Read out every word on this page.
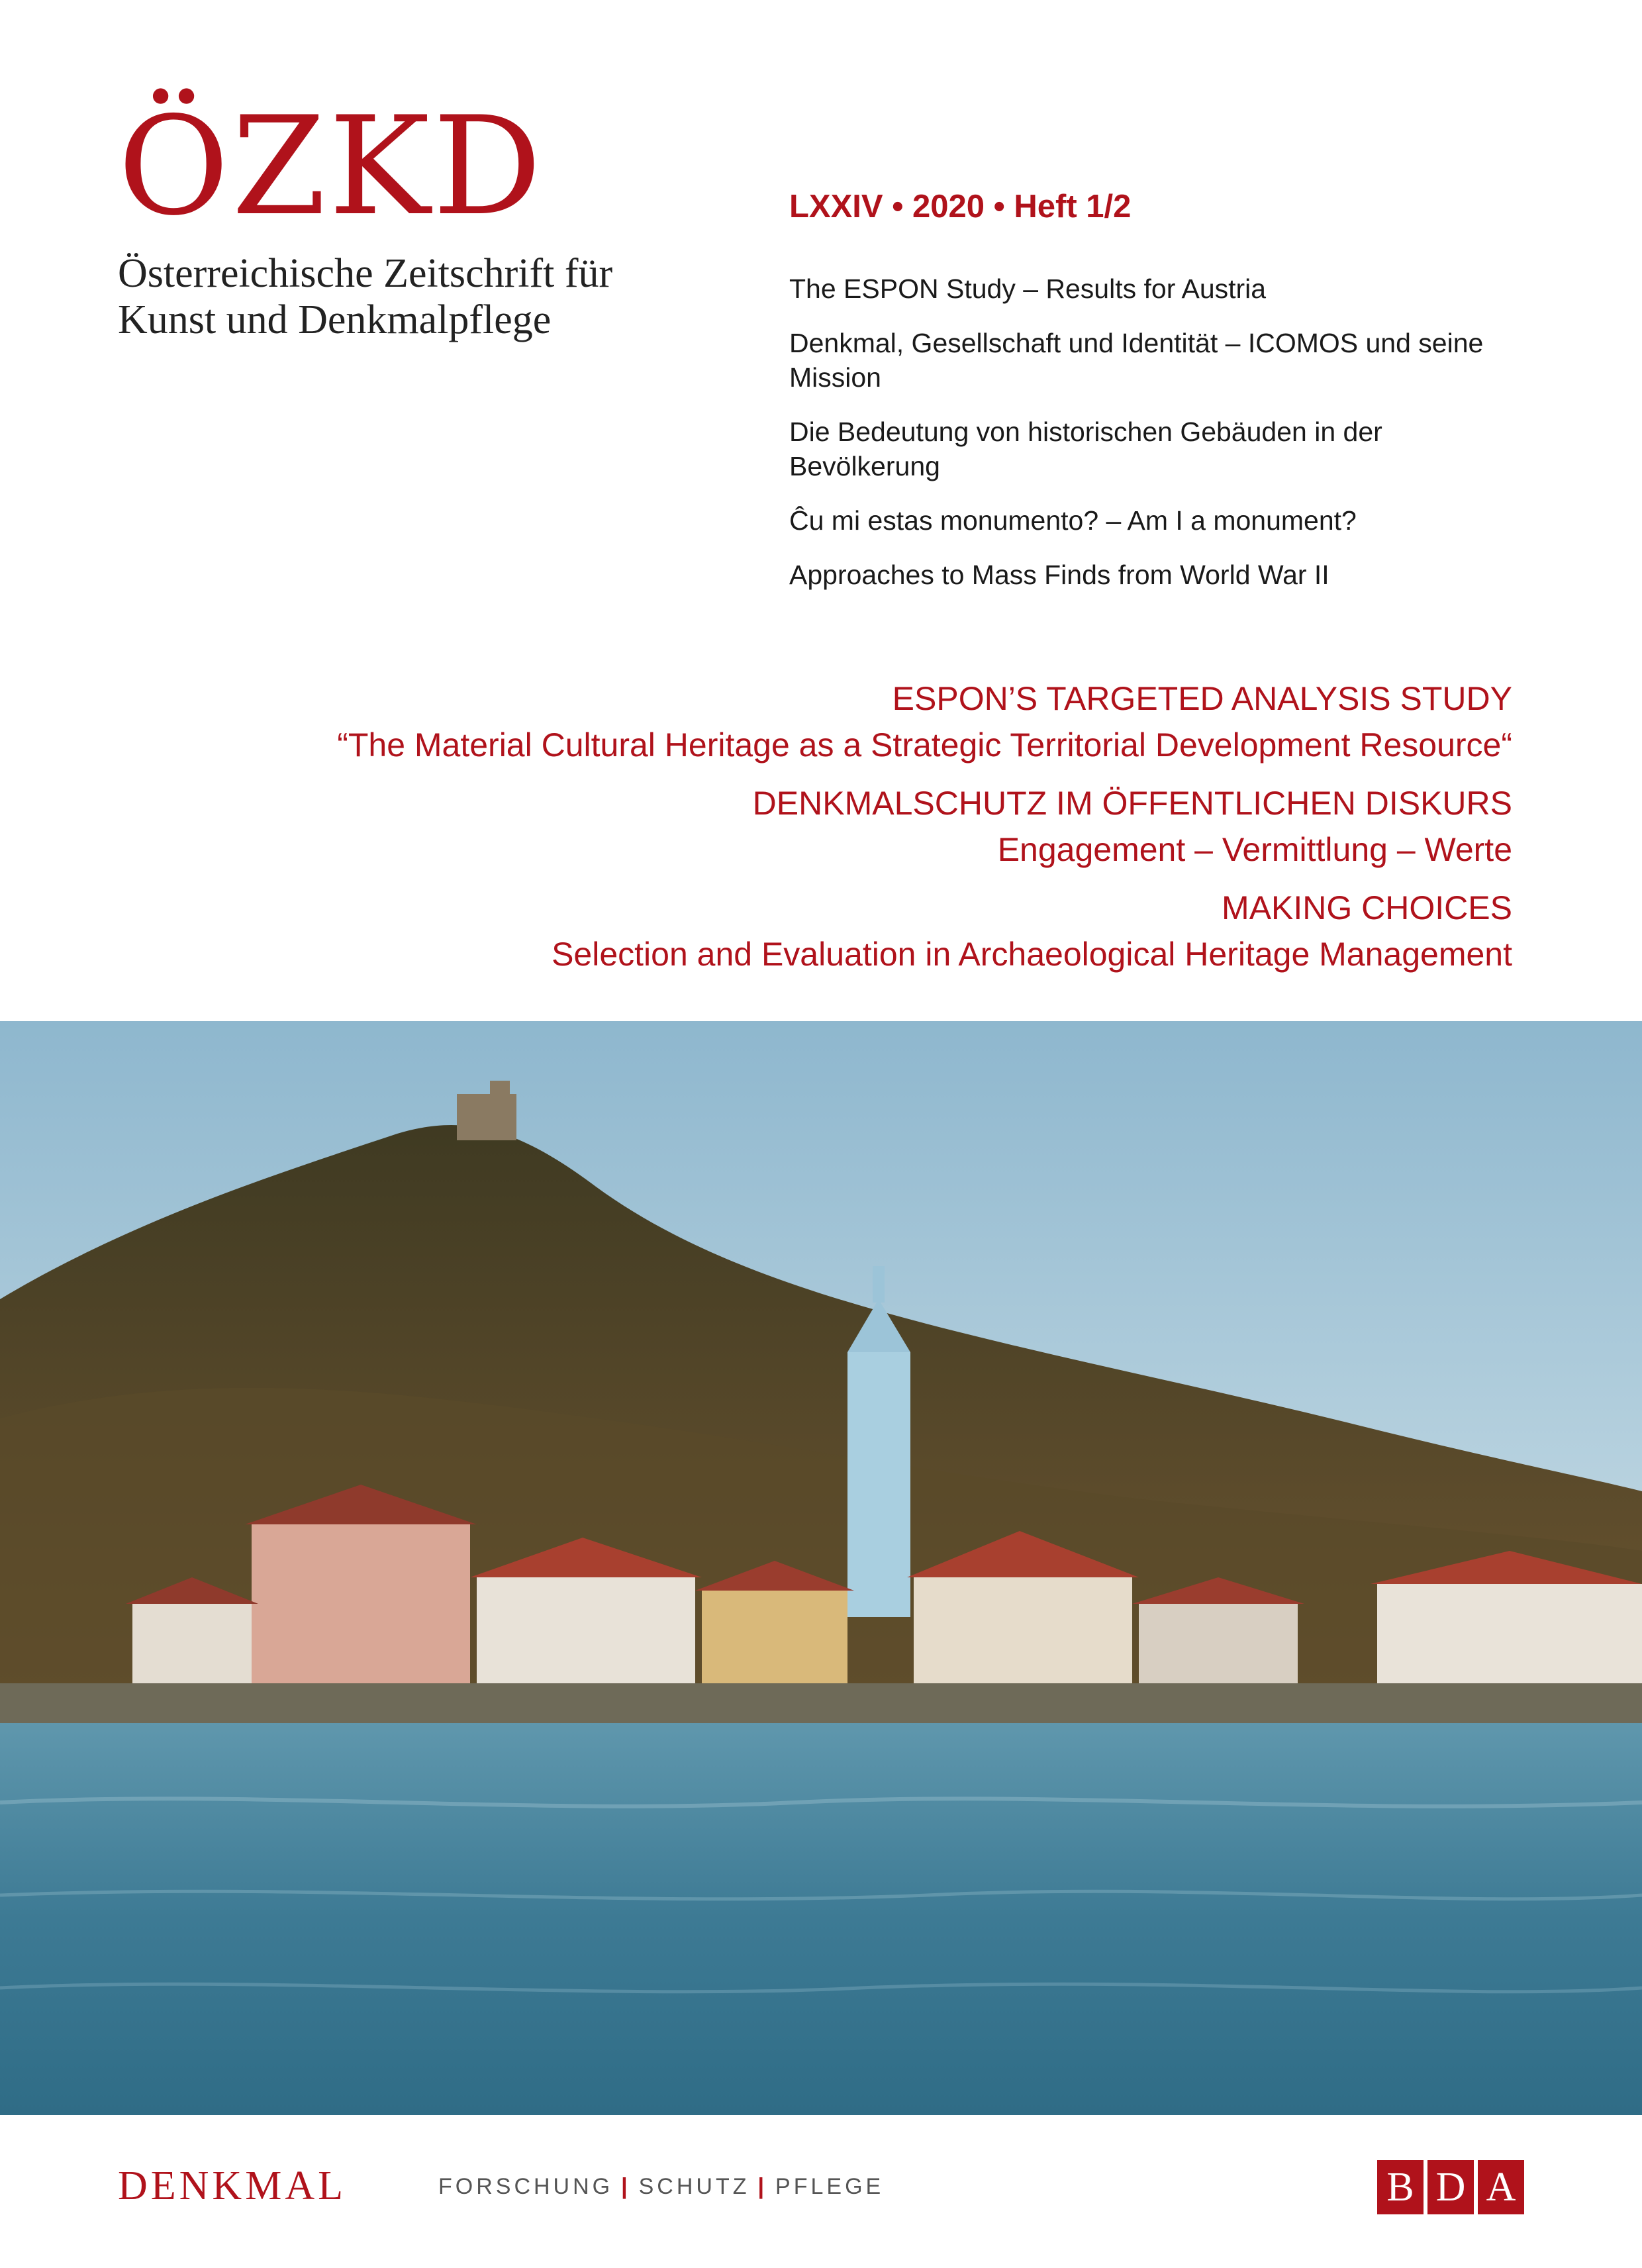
ÖZKD
Österreichische Zeitschrift für
Kunst und Denkmalpflege
LXXIV • 2020 • Heft 1/2
The ESPON Study – Results for Austria
Denkmal, Gesellschaft und Identität – ICOMOS und seine Mission
Die Bedeutung von historischen Gebäuden in der Bevölkerung
Ĉu mi estas monumento? – Am I a monument?
Approaches to Mass Finds from World War II
ESPON’S TARGETED ANALYSIS STUDY
“The Material Cultural Heritage as a Strategic Territorial Development Resource“
DENKMALSCHUTZ IM ÖFFENTLICHEN DISKURS
Engagement – Vermittlung – Werte
MAKING CHOICES
Selection and Evaluation in Archaeological Heritage Management
DENKMAL	FORSCHUNG | SCHUTZ | PFLEGE	B D A
